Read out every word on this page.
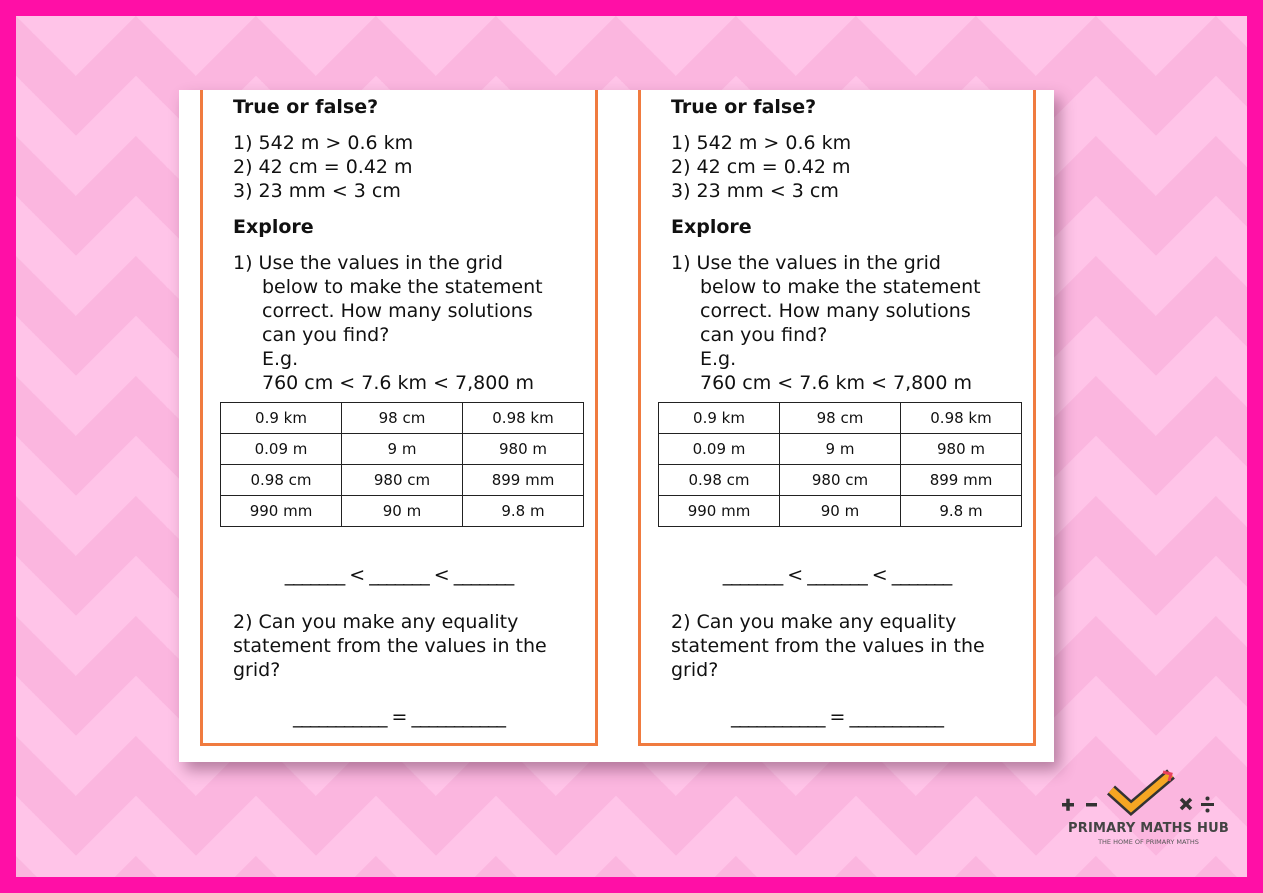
True or false?
1) 542 m > 0.6 km
2) 42 cm = 0.42 m
3) 23 mm < 3 cm
Explore
1) Use the values in the grid
below to make the statement
correct. How many solutions
can you find?
E.g.
760 cm < 7.6 km < 7,800 m
0.9 km	98 cm	0.98 km
0.09 m	9 m	980 m
0.98 cm	980 cm	899 mm
990 mm	90 m	9.8 m
_______ < _______ < _______
2) Can you make any equality
statement from the values in the
grid?
___________ = ___________
True or false?
1) 542 m > 0.6 km
2) 42 cm = 0.42 m
3) 23 mm < 3 cm
Explore
1) Use the values in the grid
below to make the statement
correct. How many solutions
can you find?
E.g.
760 cm < 7.6 km < 7,800 m
0.9 km	98 cm	0.98 km
0.09 m	9 m	980 m
0.98 cm	980 cm	899 mm
990 mm	90 m	9.8 m
_______ < _______ < _______
2) Can you make any equality
statement from the values in the
grid?
___________ = ___________
PRIMARY MATHS HUB
THE HOME OF PRIMARY MATHS
